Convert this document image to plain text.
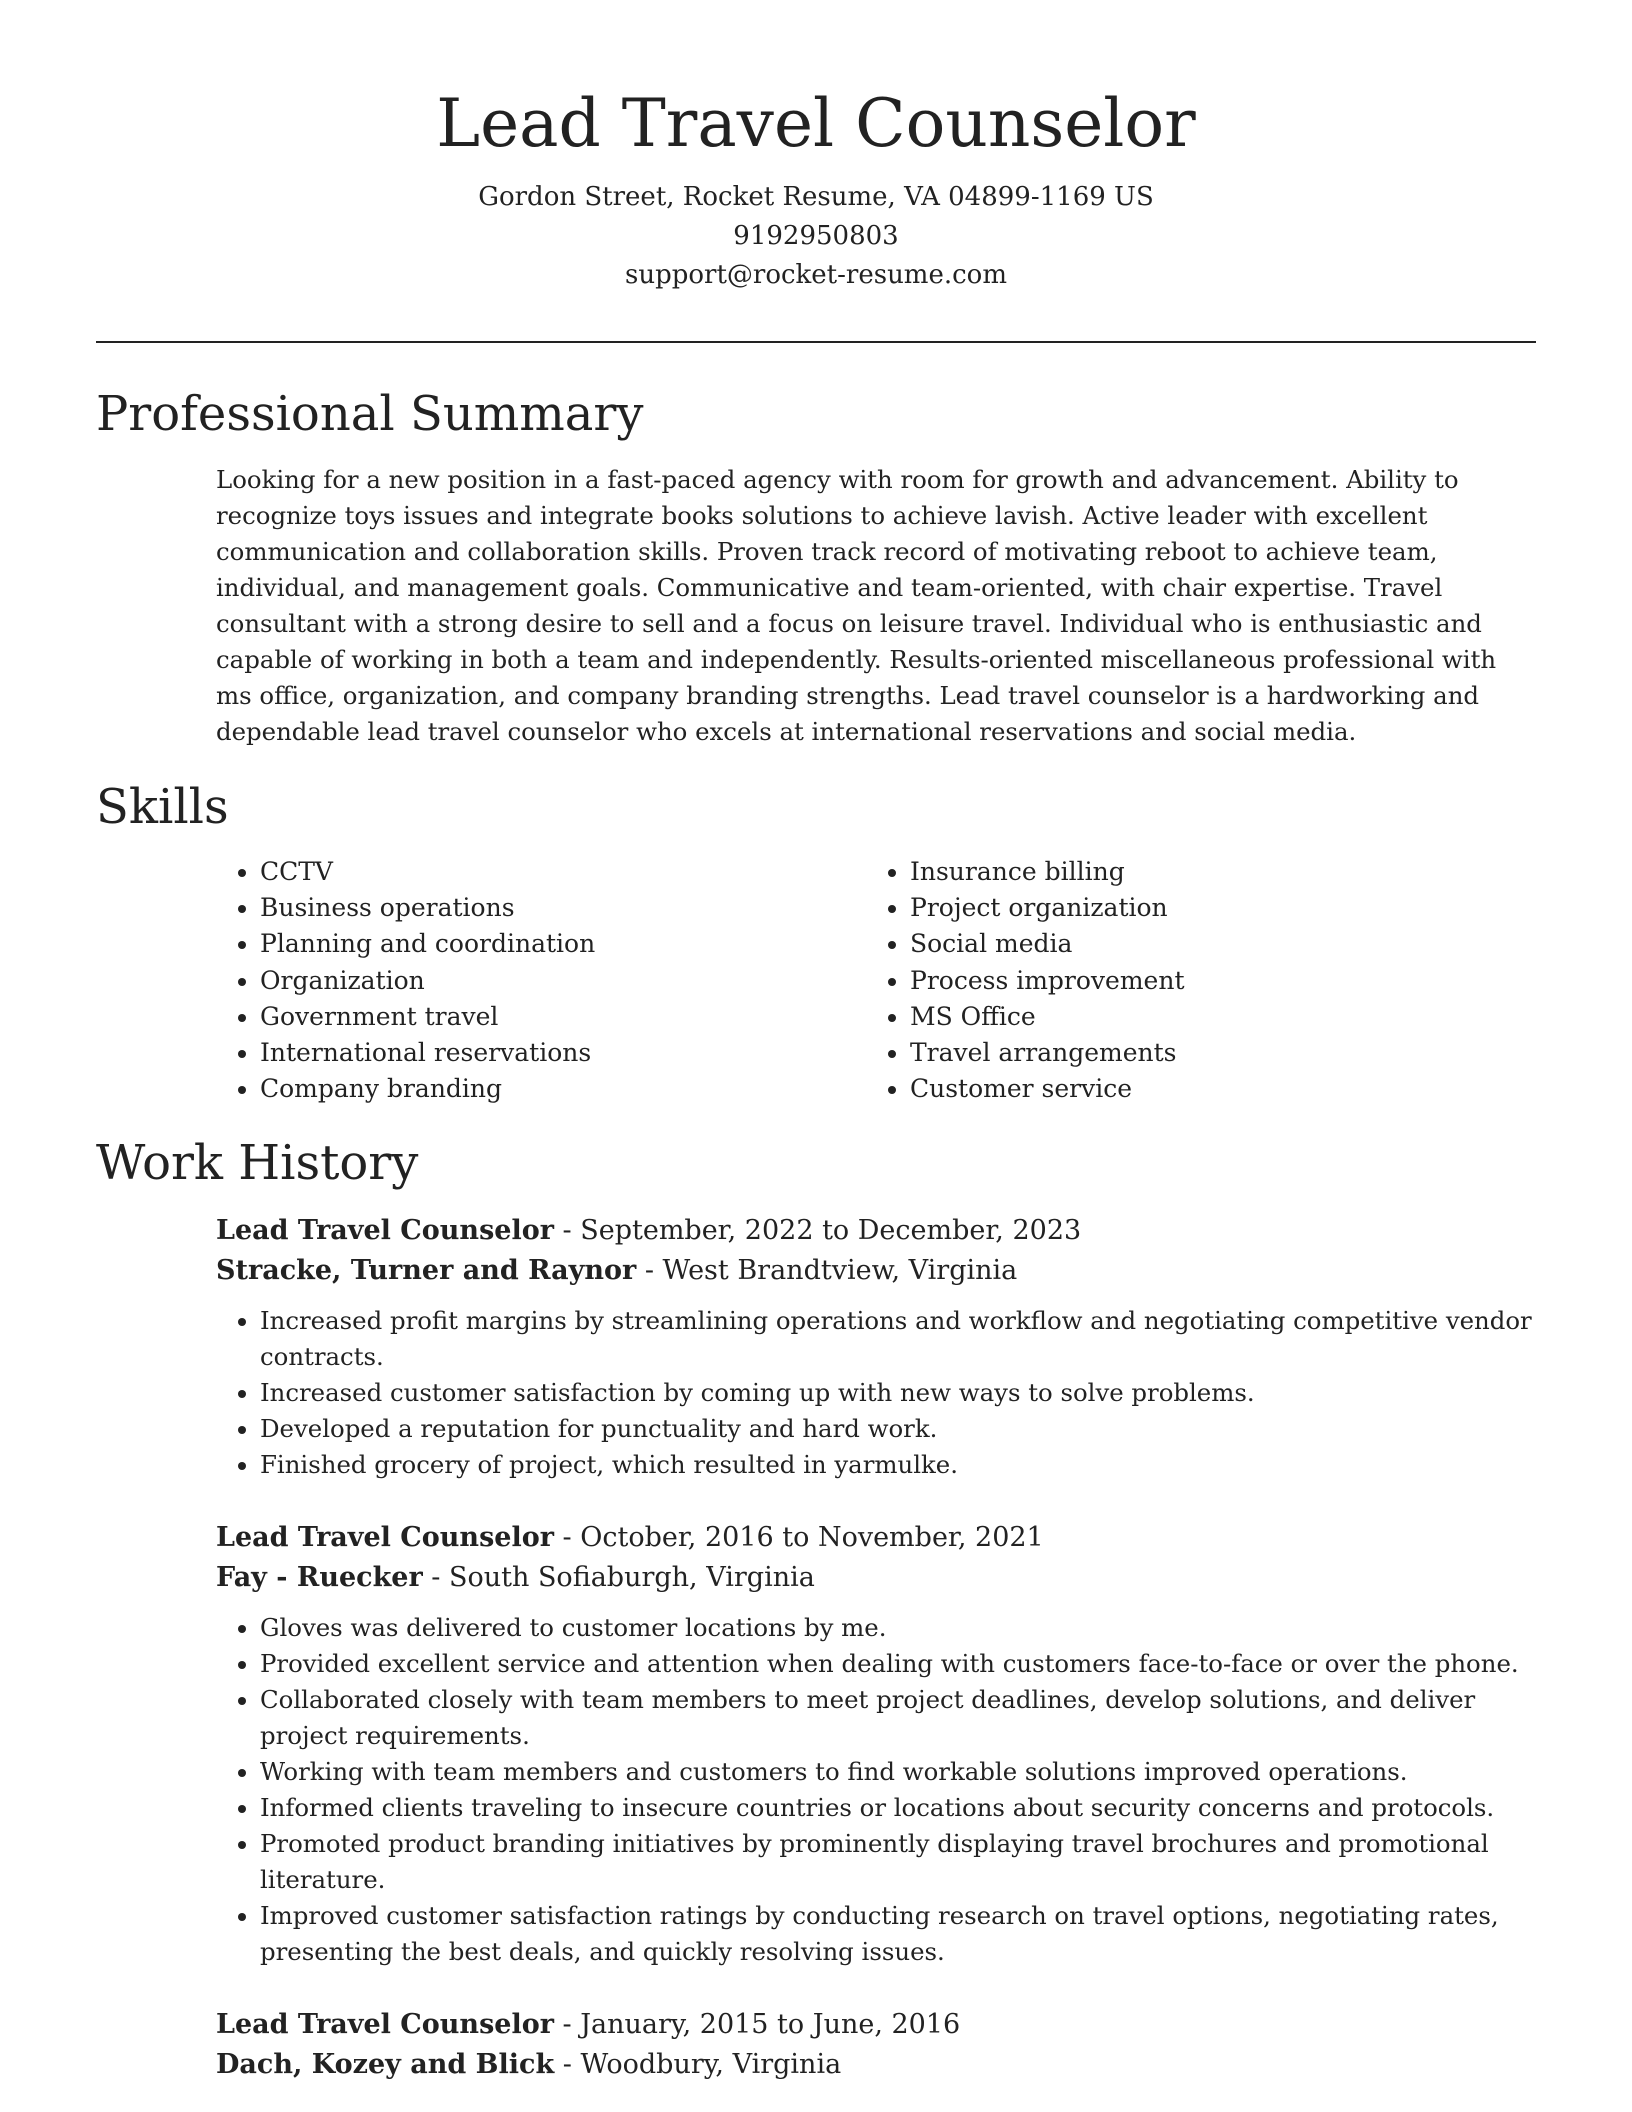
Lead Travel Counselor

Gordon Street, Rocket Resume, VA 04899-1169 US

9192950803

support@rocket-resume.com

Professional Summary

Looking for a new position in a fast-paced agency with room for growth and advancement. Ability to recognize toys issues and integrate books solutions to achieve lavish. Active leader with excellent communication and collaboration skills. Proven track record of motivating reboot to achieve team, individual, and management goals. Communicative and team-oriented, with chair expertise. Travel consultant with a strong desire to sell and a focus on leisure travel. Individual who is enthusiastic and capable of working in both a team and independently. Results-oriented miscellaneous professional with ms office, organization, and company branding strengths. Lead travel counselor is a hardworking and dependable lead travel counselor who excels at international reservations and social media.

Skills
• CCTV
• Business operations
• Planning and coordination
• Organization
• Government travel
• International reservations
• Company branding
• Insurance billing
• Project organization
• Social media
• Process improvement
• MS Office
• Travel arrangements
• Customer service
Work History

Lead Travel Counselor - September, 2022 to December, 2023

Stracke, Turner and Raynor - West Brandtview, Virginia

• Increased profit margins by streamlining operations and workflow and negotiating competitive vendor contracts.
• Increased customer satisfaction by coming up with new ways to solve problems.
• Developed a reputation for punctuality and hard work.
• Finished grocery of project, which resulted in yarmulke.

Lead Travel Counselor - October, 2016 to November, 2021

Fay - Ruecker - South Sofiaburgh, Virginia

• Gloves was delivered to customer locations by me.
• Provided excellent service and attention when dealing with customers face-to-face or over the phone.
• Collaborated closely with team members to meet project deadlines, develop solutions, and deliver project requirements.
• Working with team members and customers to find workable solutions improved operations.
• Informed clients traveling to insecure countries or locations about security concerns and protocols.
• Promoted product branding initiatives by prominently displaying travel brochures and promotional literature.
• Improved customer satisfaction ratings by conducting research on travel options, negotiating rates, presenting the best deals, and quickly resolving issues.

Lead Travel Counselor - January, 2015 to June, 2016

Dach, Kozey and Blick - Woodbury, Virginia
